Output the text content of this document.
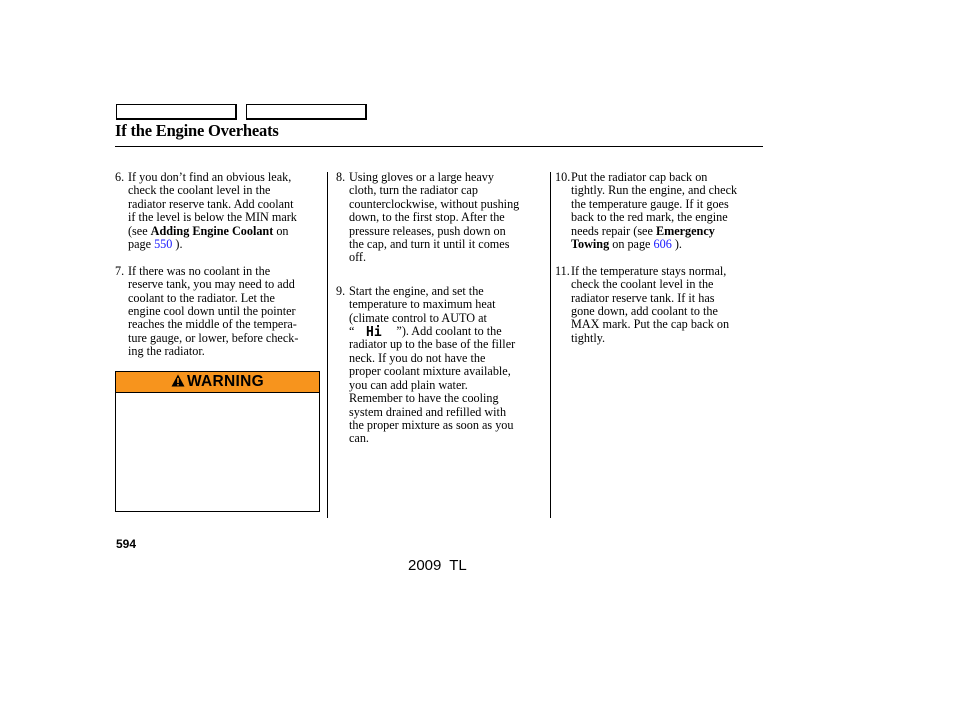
If the Engine Overheats
6. If you don’t find an obvious leak,
check the coolant level in the
radiator reserve tank. Add coolant
if the level is below the MIN mark
(see Adding Engine Coolant on
page 550 ).
7. If there was no coolant in the
reserve tank, you may need to add
coolant to the radiator. Let the
engine cool down until the pointer
reaches the middle of the tempera-
ture gauge, or lower, before check-
ing the radiator.
WARNING
8. Using gloves or a large heavy
cloth, turn the radiator cap
counterclockwise, without pushing
down, to the first stop. After the
pressure releases, push down on
the cap, and turn it until it comes
off.
9. Start the engine, and set the
temperature to maximum heat
(climate control to AUTO at
“ Hi ”). Add coolant to the
radiator up to the base of the filler
neck. If you do not have the
proper coolant mixture available,
you can add plain water.
Remember to have the cooling
system drained and refilled with
the proper mixture as soon as you
can.
10. Put the radiator cap back on
tightly. Run the engine, and check
the temperature gauge. If it goes
back to the red mark, the engine
needs repair (see Emergency
Towing on page 606 ).
11. If the temperature stays normal,
check the coolant level in the
radiator reserve tank. If it has
gone down, add coolant to the
MAX mark. Put the cap back on
tightly.
594
2009 TL
